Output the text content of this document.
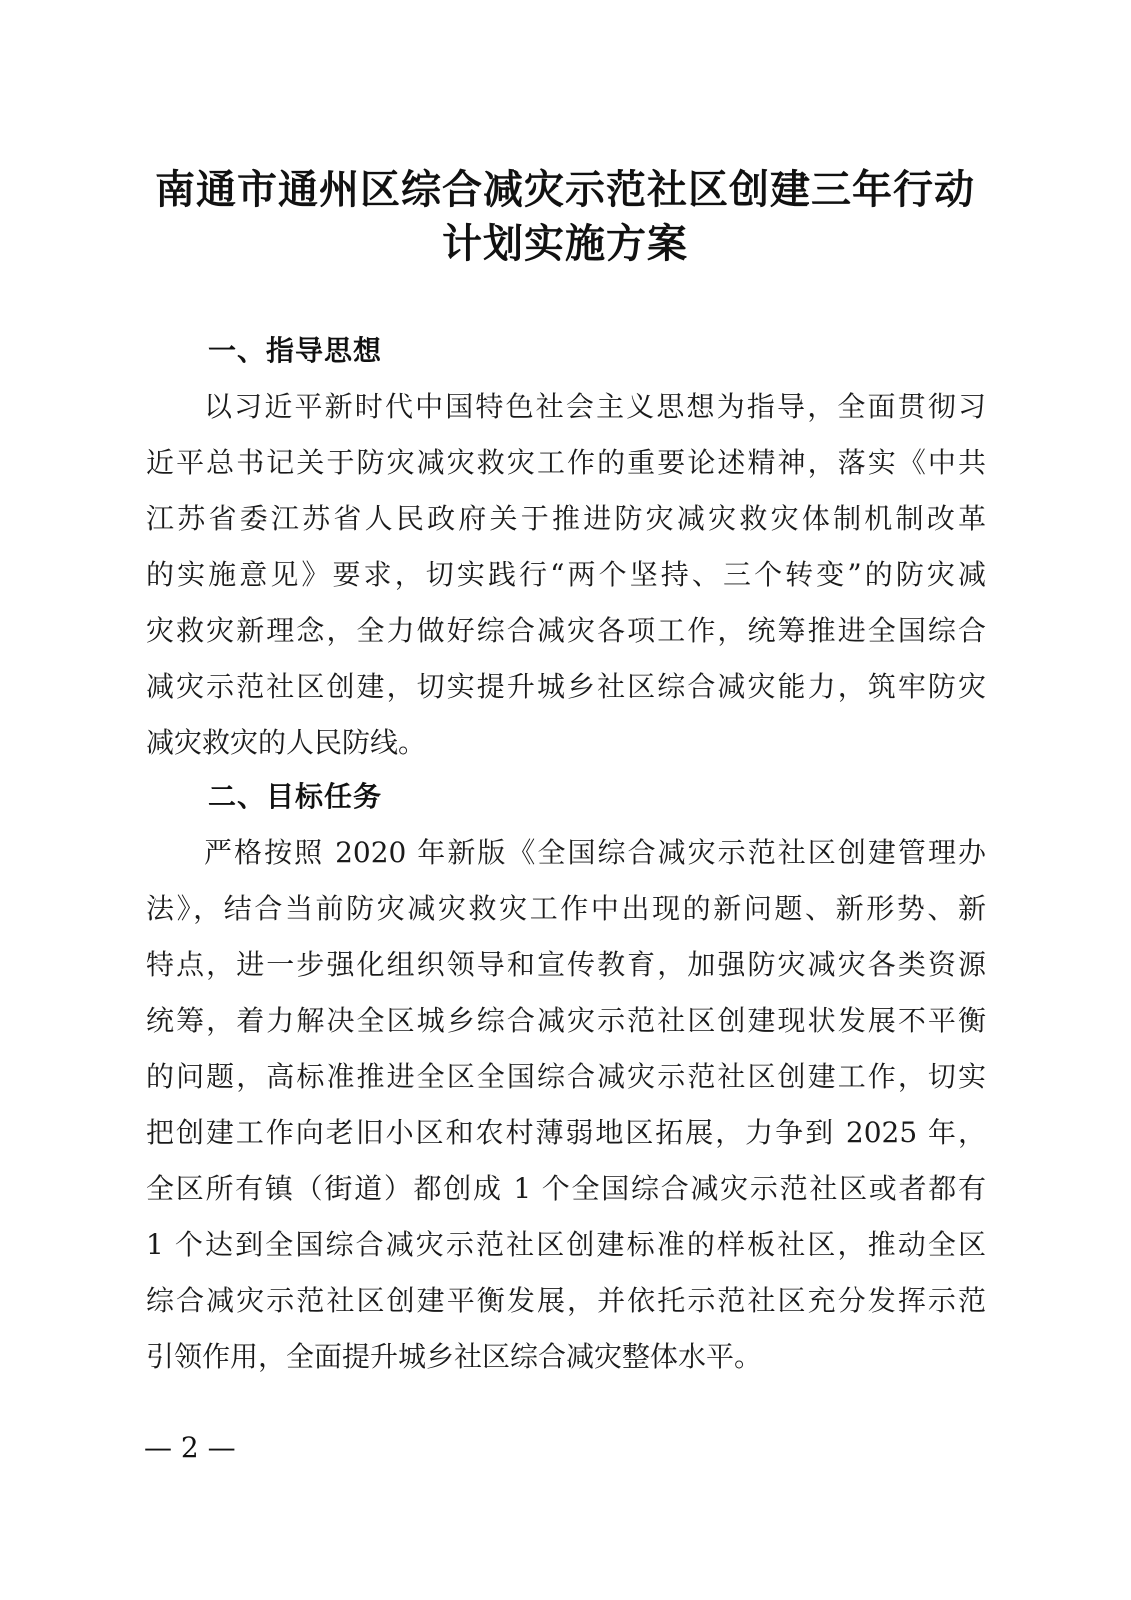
南通市通州区综合减灾示范社区创建三年行动
计划实施方案
一、指导思想
以习近平新时代中国特色社会主义思想为指导，全面贯彻习
近平总书记关于防灾减灾救灾工作的重要论述精神，落实《中共
江苏省委江苏省人民政府关于推进防灾减灾救灾体制机制改革
的实施意见》要求，切实践行“两个坚持、三个转变”的防灾减
灾救灾新理念，全力做好综合减灾各项工作，统筹推进全国综合
减灾示范社区创建，切实提升城乡社区综合减灾能力，筑牢防灾
减灾救灾的人民防线。
二、目标任务
严格按照 2020 年新版《全国综合减灾示范社区创建管理办
法》，结合当前防灾减灾救灾工作中出现的新问题、新形势、新
特点，进一步强化组织领导和宣传教育，加强防灾减灾各类资源
统筹，着力解决全区城乡综合减灾示范社区创建现状发展不平衡
的问题，高标准推进全区全国综合减灾示范社区创建工作，切实
把创建工作向老旧小区和农村薄弱地区拓展，力争到 2025 年，
全区所有镇（街道）都创成 1 个全国综合减灾示范社区或者都有
1 个达到全国综合减灾示范社区创建标准的样板社区，推动全区
综合减灾示范社区创建平衡发展，并依托示范社区充分发挥示范
引领作用，全面提升城乡社区综合减灾整体水平。
— 2 —
